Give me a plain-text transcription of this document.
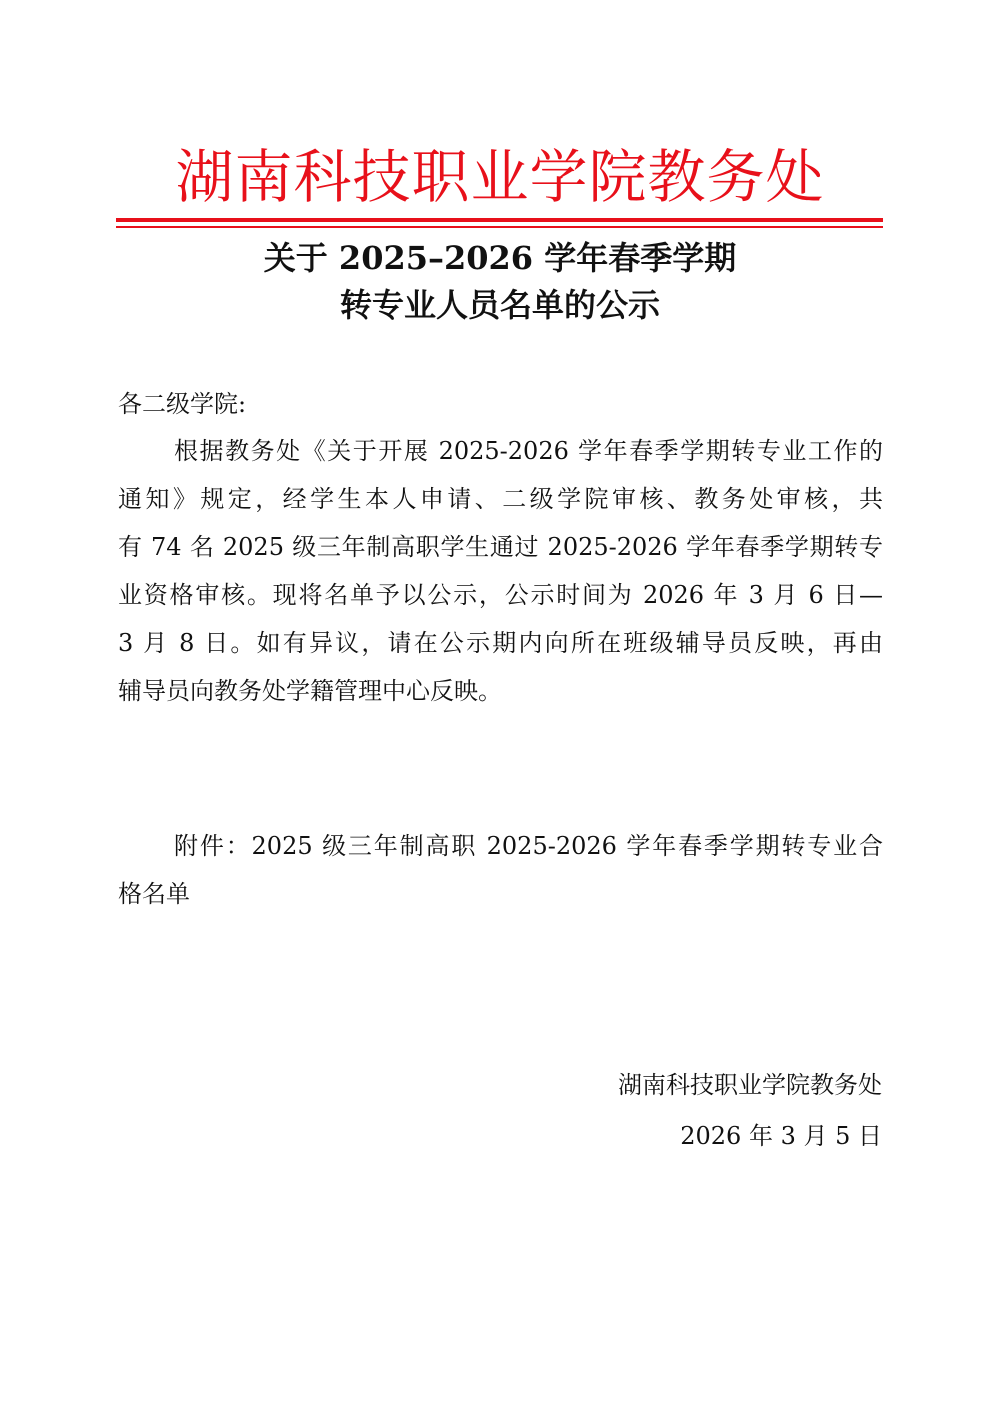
湖南科技职业学院教务处
关于 2025–2026 学年春季学期
转专业人员名单的公示
各二级学院:
根据教务处《关于开展 2025-2026 学年春季学期转专业工作的
通知》规定，经学生本人申请、二级学院审核、教务处审核，共
有 74 名 2025 级三年制高职学生通过 2025-2026 学年春季学期转专
业资格审核。现将名单予以公示，公示时间为 2026 年 3 月 6 日—
3 月 8 日。如有异议，请在公示期内向所在班级辅导员反映，再由
辅导员向教务处学籍管理中心反映。
附件：2025 级三年制高职 2025-2026 学年春季学期转专业合
格名单
湖南科技职业学院教务处
2026 年 3 月 5 日
